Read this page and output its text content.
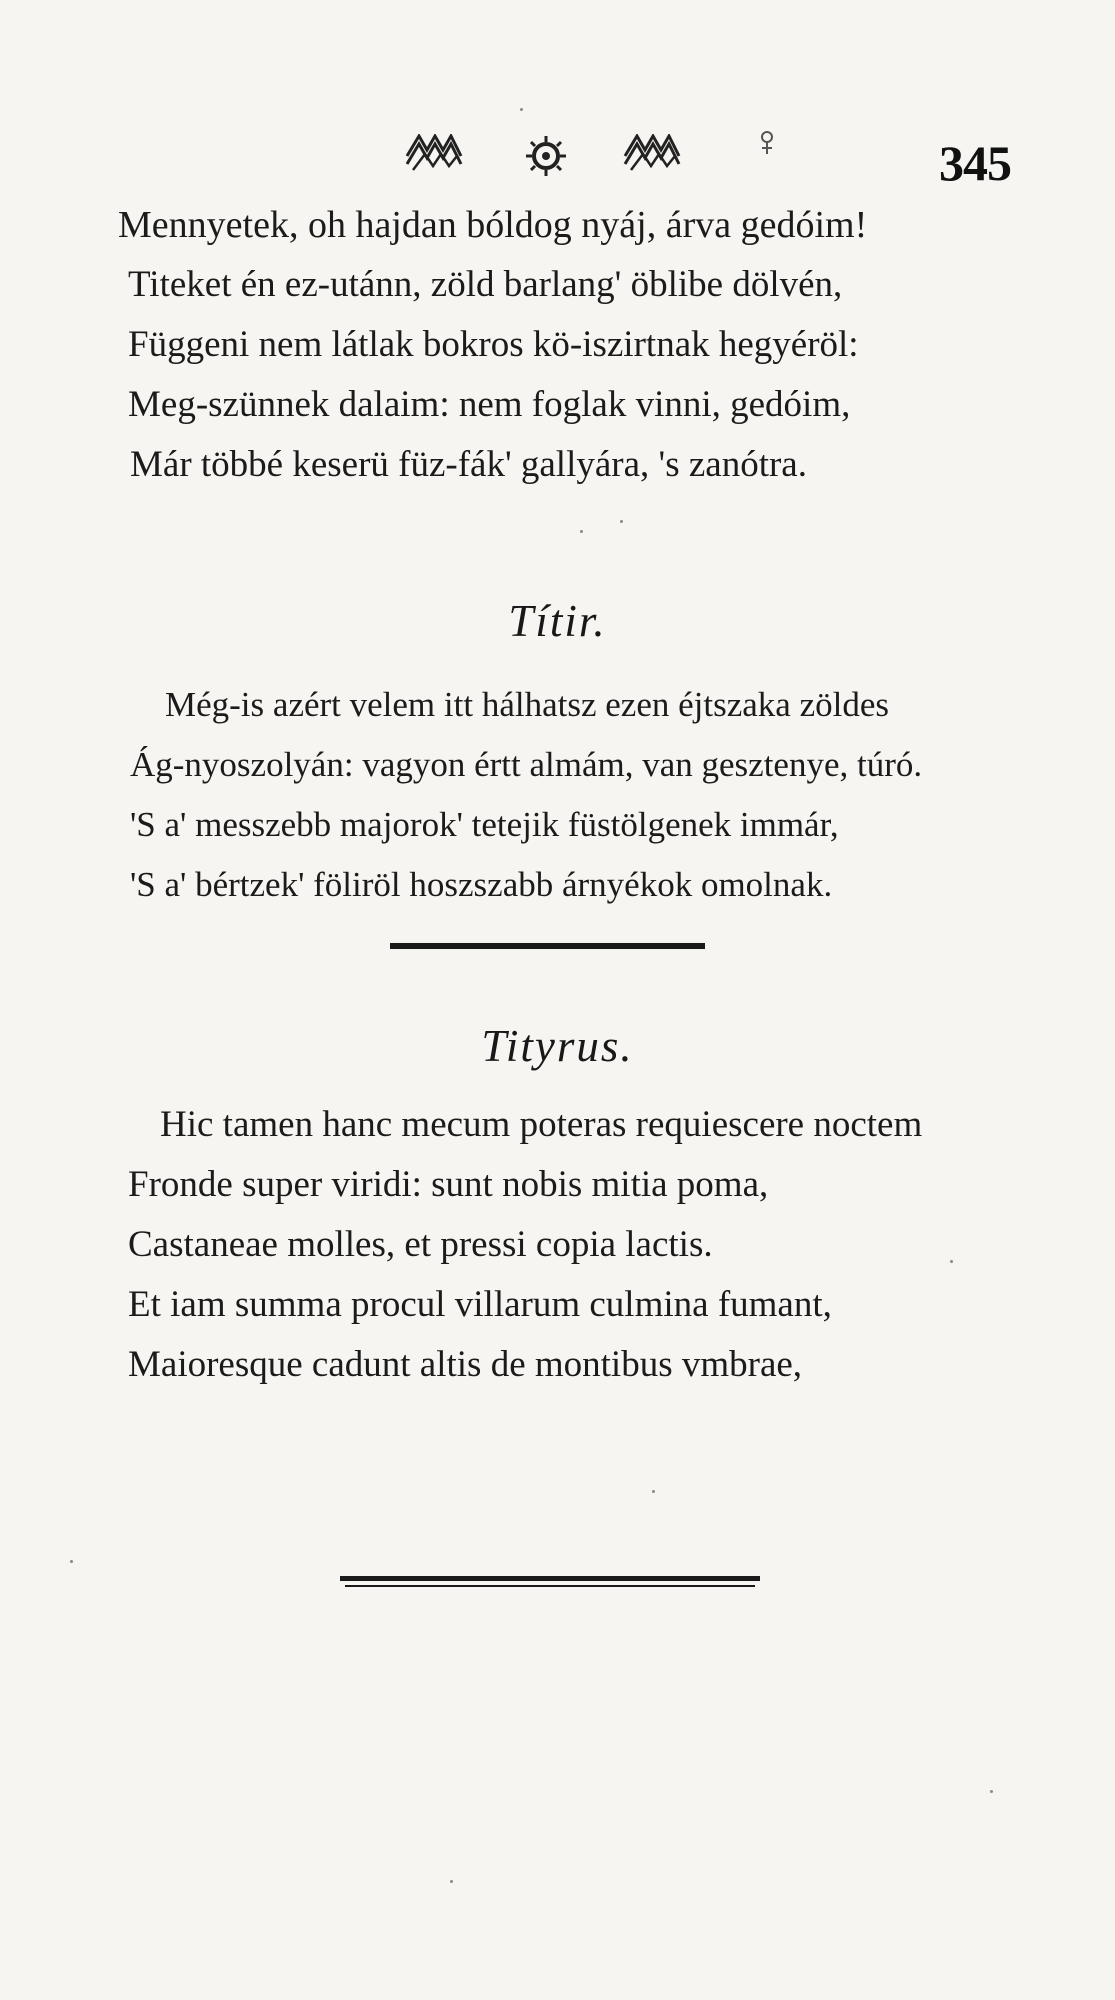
345
Mennyetek, oh hajdan bóldog nyáj, árva gedóim!
Titeket én ez-utánn, zöld barlang' öblibe dölvén,
Függeni nem látlak bokros kö-iszirtnak hegyéröl:
Meg-szünnek dalaim: nem foglak vinni, gedóim,
Már többé keserü füz-fák' gallyára, 's zanótra.
Títir.
Még-is azért velem itt hálhatsz ezen éjtszaka zöldes
Ág-nyoszolyán: vagyon értt almám, van gesztenye, túró.
'S a' messzebb majorok' tetejik füstölgenek immár,
'S a' bértzek' föliröl hoszszabb árnyékok omolnak.
Tityrus.
Hic tamen hanc mecum poteras requiescere noctem
Fronde super viridi: sunt nobis mitia poma,
Castaneae molles, et pressi copia lactis.
Et iam summa procul villarum culmina fumant,
Maioresque cadunt altis de montibus vmbrae,
